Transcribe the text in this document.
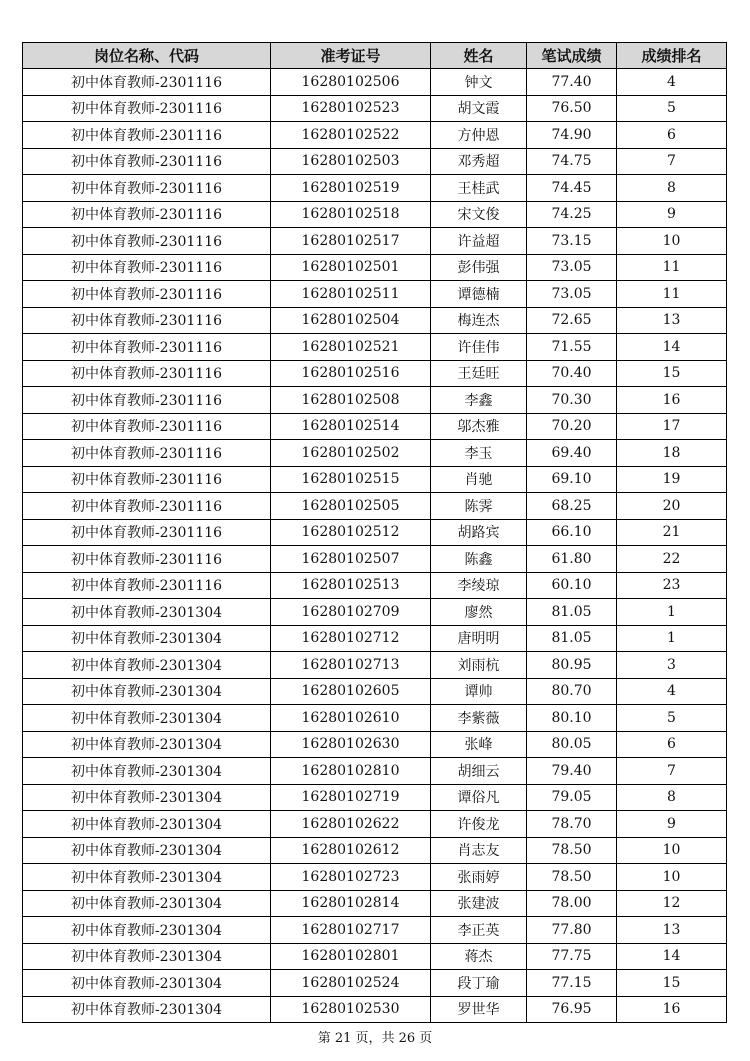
岗位名称、代码	准考证号	姓名	笔试成绩	成绩排名
初中体育教师-2301116	16280102506	钟文	77.40	4
初中体育教师-2301116	16280102523	胡文霞	76.50	5
初中体育教师-2301116	16280102522	方仲恩	74.90	6
初中体育教师-2301116	16280102503	邓秀超	74.75	7
初中体育教师-2301116	16280102519	王桂武	74.45	8
初中体育教师-2301116	16280102518	宋文俊	74.25	9
初中体育教师-2301116	16280102517	许益超	73.15	10
初中体育教师-2301116	16280102501	彭伟强	73.05	11
初中体育教师-2301116	16280102511	谭德楠	73.05	11
初中体育教师-2301116	16280102504	梅连杰	72.65	13
初中体育教师-2301116	16280102521	许佳伟	71.55	14
初中体育教师-2301116	16280102516	王廷旺	70.40	15
初中体育教师-2301116	16280102508	李鑫	70.30	16
初中体育教师-2301116	16280102514	邬杰雅	70.20	17
初中体育教师-2301116	16280102502	李玉	69.40	18
初中体育教师-2301116	16280102515	肖驰	69.10	19
初中体育教师-2301116	16280102505	陈霁	68.25	20
初中体育教师-2301116	16280102512	胡路宾	66.10	21
初中体育教师-2301116	16280102507	陈鑫	61.80	22
初中体育教师-2301116	16280102513	李绫琼	60.10	23
初中体育教师-2301304	16280102709	廖然	81.05	1
初中体育教师-2301304	16280102712	唐明明	81.05	1
初中体育教师-2301304	16280102713	刘雨杭	80.95	3
初中体育教师-2301304	16280102605	谭帅	80.70	4
初中体育教师-2301304	16280102610	李紫薇	80.10	5
初中体育教师-2301304	16280102630	张峰	80.05	6
初中体育教师-2301304	16280102810	胡细云	79.40	7
初中体育教师-2301304	16280102719	谭俗凡	79.05	8
初中体育教师-2301304	16280102622	许俊龙	78.70	9
初中体育教师-2301304	16280102612	肖志友	78.50	10
初中体育教师-2301304	16280102723	张雨婷	78.50	10
初中体育教师-2301304	16280102814	张建波	78.00	12
初中体育教师-2301304	16280102717	李正英	77.80	13
初中体育教师-2301304	16280102801	蒋杰	77.75	14
初中体育教师-2301304	16280102524	段丁瑜	77.15	15
初中体育教师-2301304	16280102530	罗世华	76.95	16
第 21 页，共 26 页
